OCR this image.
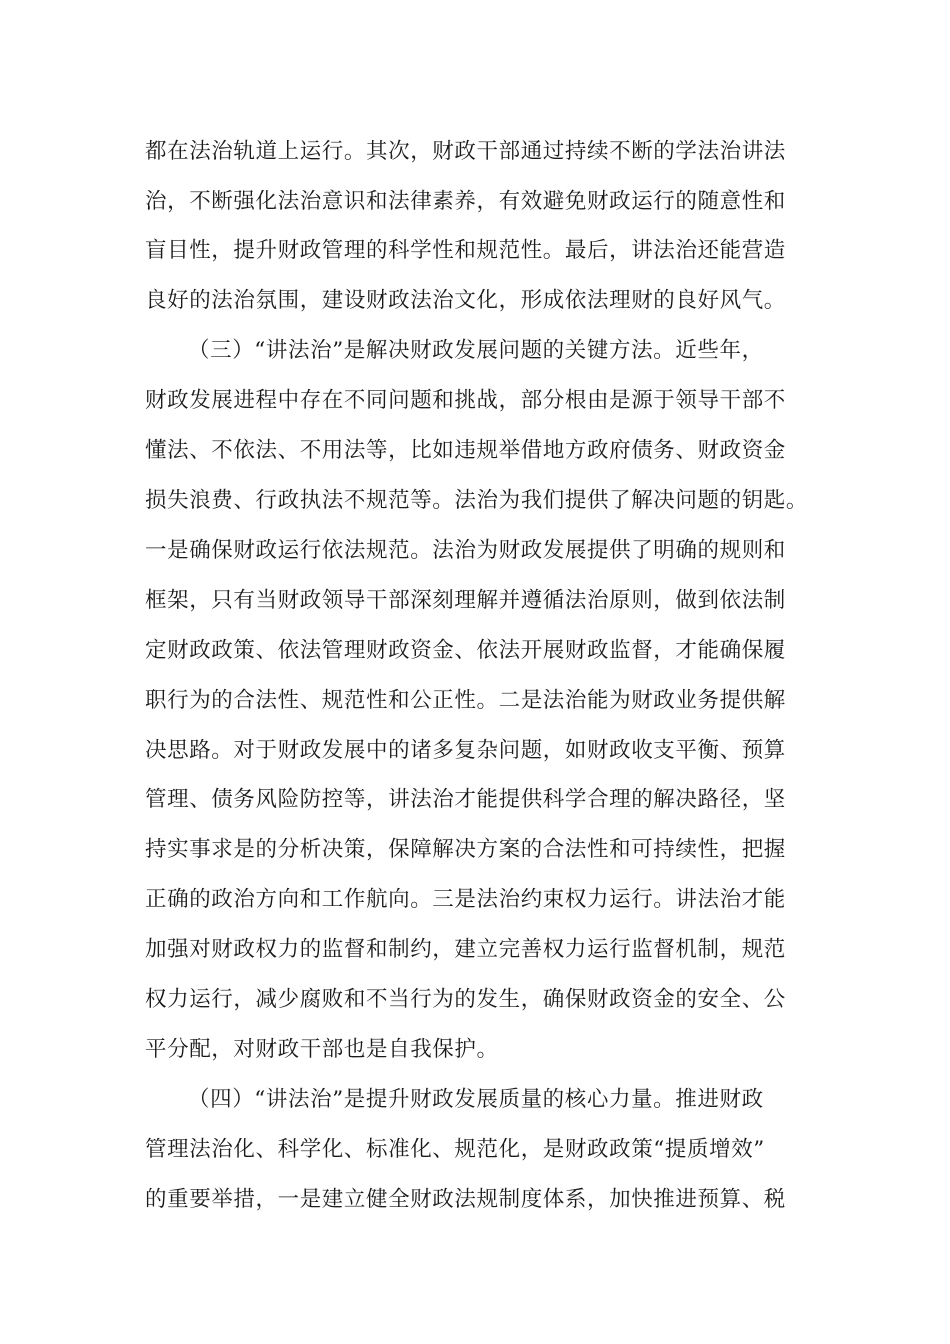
都在法治轨道上运行。其次，财政干部通过持续不断的学法治讲法
治，不断强化法治意识和法律素养，有效避免财政运行的随意性和
盲目性，提升财政管理的科学性和规范性。最后，讲法治还能营造
良好的法治氛围，建设财政法治文化，形成依法理财的良好风气。
（三）“讲法治”是解决财政发展问题的关键方法。近些年，
财政发展进程中存在不同问题和挑战，部分根由是源于领导干部不
懂法、不依法、不用法等，比如违规举借地方政府债务、财政资金
损失浪费、行政执法不规范等。法治为我们提供了解决问题的钥匙。
一是确保财政运行依法规范。法治为财政发展提供了明确的规则和
框架，只有当财政领导干部深刻理解并遵循法治原则，做到依法制
定财政政策、依法管理财政资金、依法开展财政监督，才能确保履
职行为的合法性、规范性和公正性。二是法治能为财政业务提供解
决思路。对于财政发展中的诸多复杂问题，如财政收支平衡、预算
管理、债务风险防控等，讲法治才能提供科学合理的解决路径，坚
持实事求是的分析决策，保障解决方案的合法性和可持续性，把握
正确的政治方向和工作航向。三是法治约束权力运行。讲法治才能
加强对财政权力的监督和制约，建立完善权力运行监督机制，规范
权力运行，减少腐败和不当行为的发生，确保财政资金的安全、公
平分配，对财政干部也是自我保护。
（四）“讲法治”是提升财政发展质量的核心力量。推进财政
管理法治化、科学化、标准化、规范化，是财政政策“提质增效”
的重要举措，一是建立健全财政法规制度体系，加快推进预算、税
